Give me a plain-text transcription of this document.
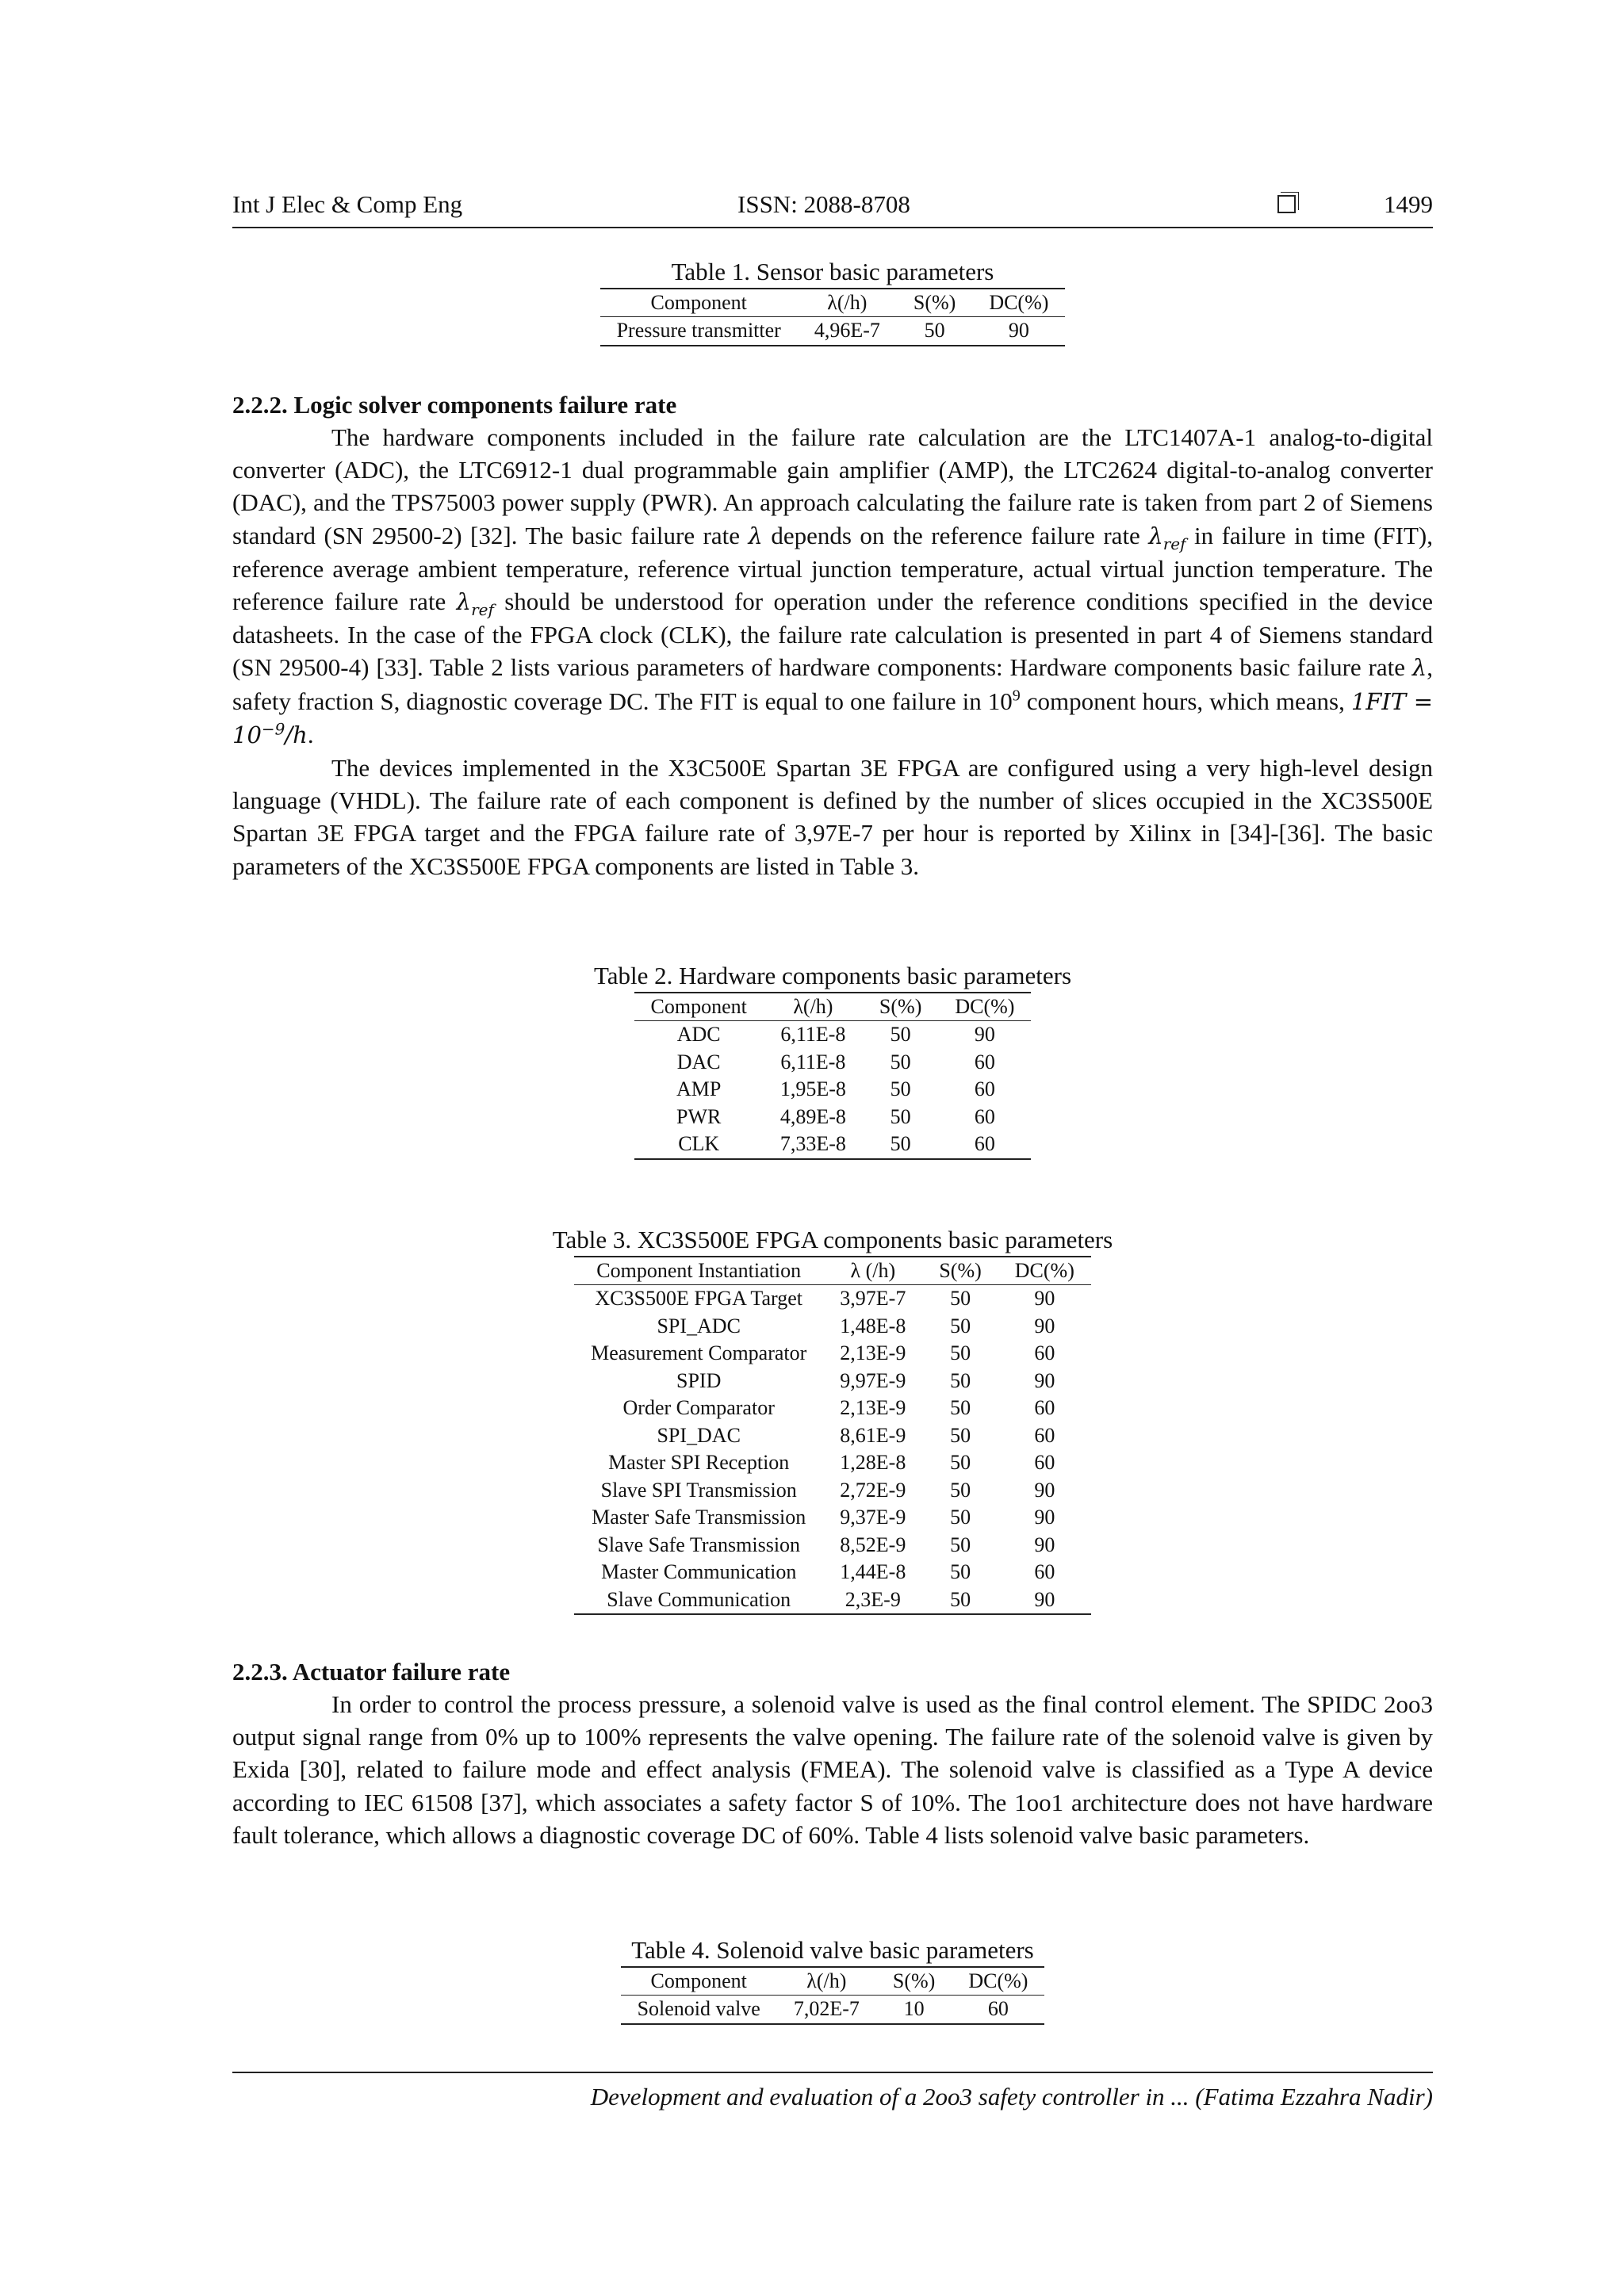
Int J Elec & Comp Eng	ISSN: 2088-8708	1499
Table 1. Sensor basic parameters
Component	λ(/h)	S(%)	DC(%)
Pressure transmitter	4,96E-7	50	90
2.2.2. Logic solver components failure rate

The hardware components included in the failure rate calculation are the LTC1407A-1 analog-to-digital converter (ADC), the LTC6912-1 dual programmable gain amplifier (AMP), the LTC2624 digital-to-analog converter (DAC), and the TPS75003 power supply (PWR). An approach calculating the failure rate is taken from part 2 of Siemens standard (SN 29500-2) [32]. The basic failure rate λ depends on the reference failure rate $\lambda_{ref}$ in failure in time (FIT), reference average ambient temperature, reference virtual junction temperature, actual virtual junction temperature. The reference failure rate $\lambda_{ref}$ should be understood for operation under the reference conditions specified in the device datasheets. In the case of the FPGA clock (CLK), the failure rate calculation is presented in part 4 of Siemens standard (SN 29500-4) [33]. Table 2 lists various parameters of hardware components: Hardware components basic failure rate λ, safety fraction S, diagnostic coverage DC. The FIT is equal to one failure in $10^9$ component hours, which means, $1FIT = 10^{-9}/h$.

The devices implemented in the X3C500E Spartan 3E FPGA are configured using a very high-level design language (VHDL). The failure rate of each component is defined by the number of slices occupied in the XC3S500E Spartan 3E FPGA target and the FPGA failure rate of 3,97E-7 per hour is reported by Xilinx in [34]-[36]. The basic parameters of the XC3S500E FPGA components are listed in Table 3.

Table 2. Hardware components basic parameters
Component	λ(/h)	S(%)	DC(%)
ADC	6,11E-8	50	90
DAC	6,11E-8	50	60
AMP	1,95E-8	50	60
PWR	4,89E-8	50	60
CLK	7,33E-8	50	60
Table 3. XC3S500E FPGA components basic parameters
Component Instantiation	λ (/h)	S(%)	DC(%)
XC3S500E FPGA Target	3,97E-7	50	90
SPI_ADC	1,48E-8	50	90
Measurement Comparator	2,13E-9	50	60
SPID	9,97E-9	50	90
Order Comparator	2,13E-9	50	60
SPI_DAC	8,61E-9	50	60
Master SPI Reception	1,28E-8	50	60
Slave SPI Transmission	2,72E-9	50	90
Master Safe Transmission	9,37E-9	50	90
Slave Safe Transmission	8,52E-9	50	90
Master Communication	1,44E-8	50	60
Slave Communication	2,3E-9	50	90
2.2.3. Actuator failure rate

In order to control the process pressure, a solenoid valve is used as the final control element. The SPIDC 2oo3 output signal range from 0% up to 100% represents the valve opening. The failure rate of the solenoid valve is given by Exida [30], related to failure mode and effect analysis (FMEA). The solenoid valve is classified as a Type A device according to IEC 61508 [37], which associates a safety factor S of 10%. The 1oo1 architecture does not have hardware fault tolerance, which allows a diagnostic coverage DC of 60%. Table 4 lists solenoid valve basic parameters.

Table 4. Solenoid valve basic parameters
Component	λ(/h)	S(%)	DC(%)
Solenoid valve	7,02E-7	10	60
Development and evaluation of a 2oo3 safety controller in ... (Fatima Ezzahra Nadir)
